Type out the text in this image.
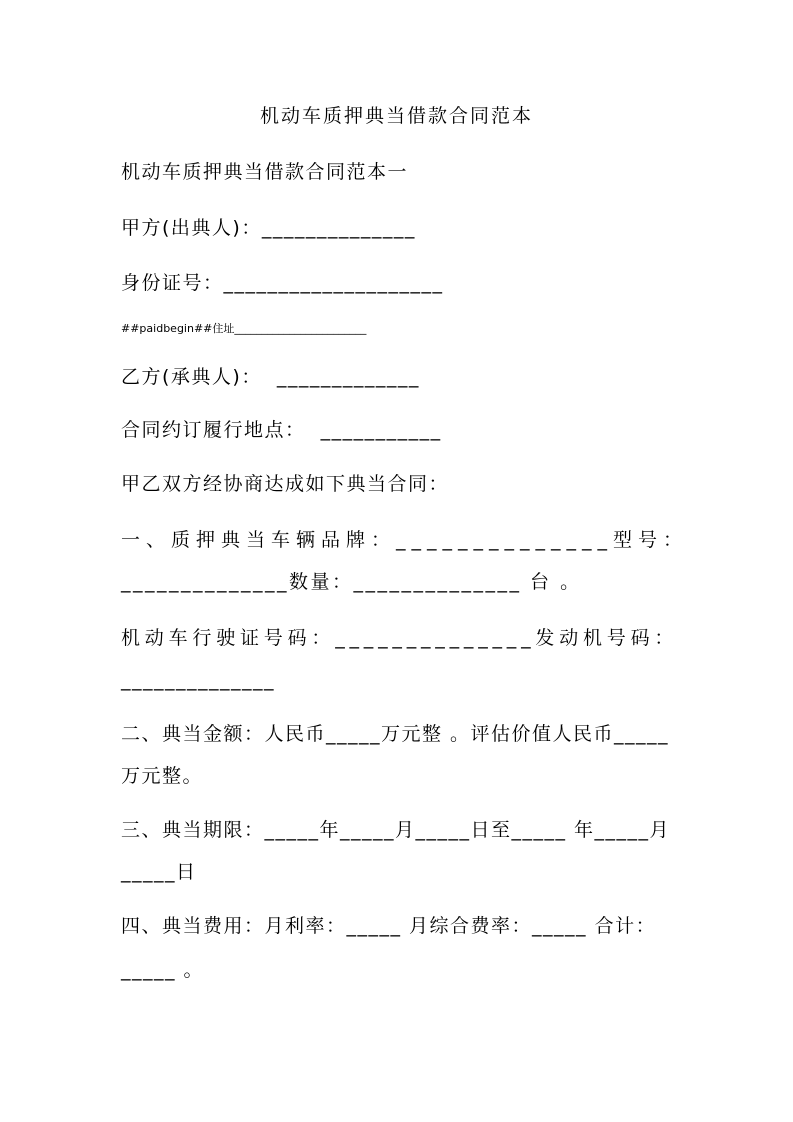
机动车质押典当借款合同范本
机动车质押典当借款合同范本一
甲方(出典人)：______________
身份证号：____________________
##paidbegin##住址________________________
乙方(承典人)：  _____________
合同约订履行地点：  ___________
甲乙双方经协商达成如下典当合同：
一、质押典当车辆品牌：______________型号：
______________数量：______________ 台 。
机动车行驶证号码：______________发动机号码：
______________
二、典当金额：人民币_____万元整 。评估价值人民币_____
万元整。
三、典当期限：_____年_____月_____日至_____ 年_____月
_____日
四、典当费用：月利率：_____ 月综合费率：_____ 合计：
_____ 。
